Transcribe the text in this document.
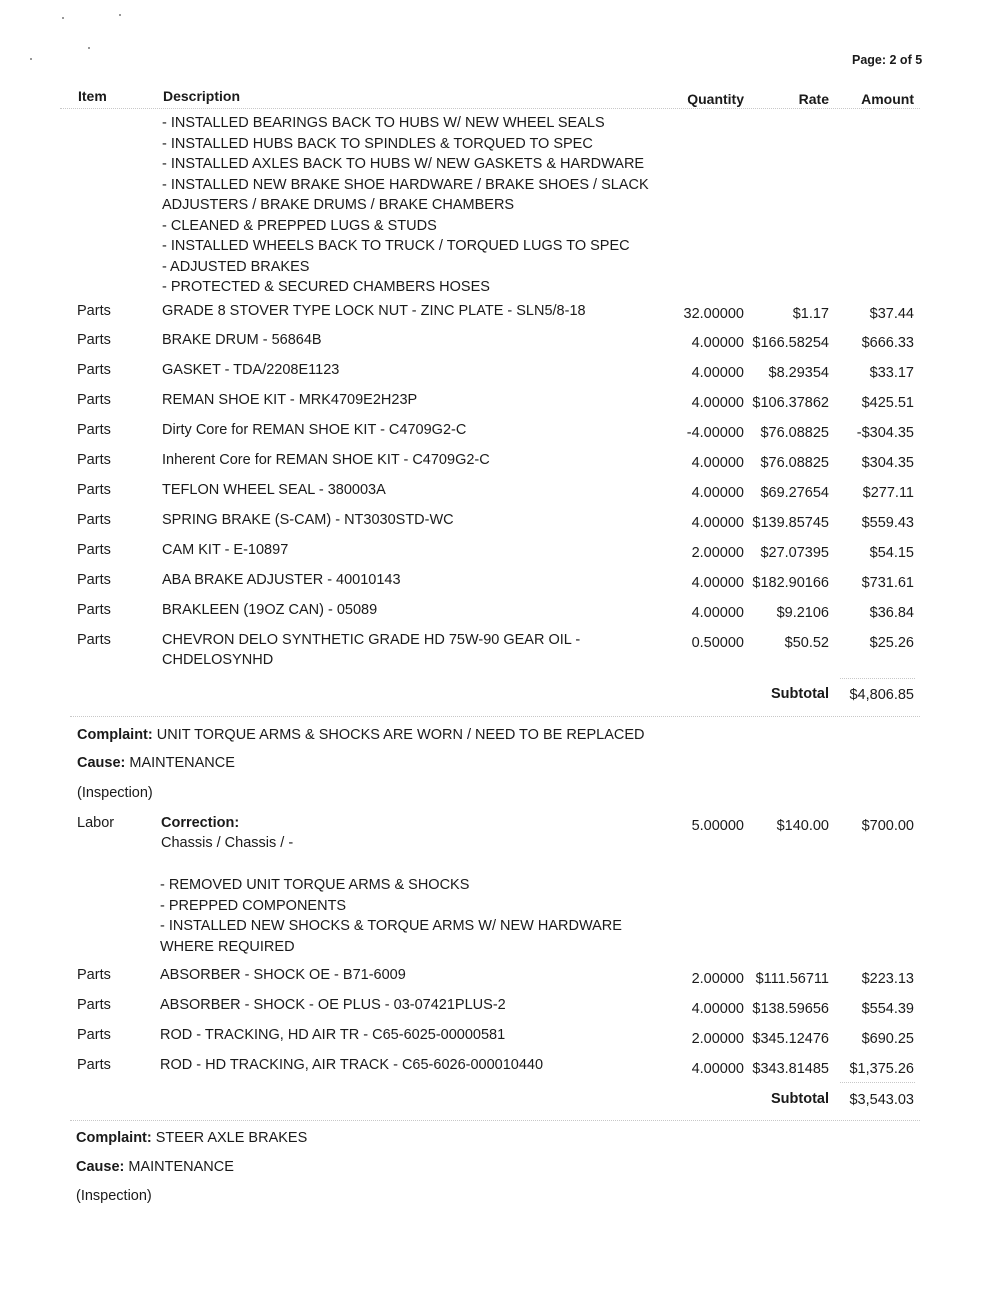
Page: 2 of 5
Item	Description	Quantity	Rate	Amount
- INSTALLED BEARINGS BACK TO HUBS W/ NEW WHEEL SEALS
- INSTALLED HUBS BACK TO SPINDLES & TORQUED TO SPEC
- INSTALLED AXLES BACK TO HUBS W/ NEW GASKETS & HARDWARE
- INSTALLED NEW BRAKE SHOE HARDWARE / BRAKE SHOES / SLACK
ADJUSTERS / BRAKE DRUMS / BRAKE CHAMBERS
- CLEANED & PREPPED LUGS & STUDS
- INSTALLED WHEELS BACK TO TRUCK / TORQUED LUGS TO SPEC
- ADJUSTED BRAKES
- PROTECTED & SECURED CHAMBERS HOSES
Parts	GRADE 8 STOVER TYPE LOCK NUT - ZINC PLATE - SLN5/8-18	32.00000	$1.17	$37.44
Parts	BRAKE DRUM - 56864B	4.00000 $166.58254	$666.33
Parts	GASKET - TDA/2208E1123	4.00000	$8.29354	$33.17
Parts	REMAN SHOE KIT - MRK4709E2H23P	4.00000 $106.37862	$425.51
Parts	Dirty Core for REMAN SHOE KIT - C4709G2-C	-4.00000	$76.08825	-$304.35
Parts	Inherent Core for REMAN SHOE KIT - C4709G2-C	4.00000	$76.08825	$304.35
Parts	TEFLON WHEEL SEAL - 380003A	4.00000	$69.27654	$277.11
Parts	SPRING BRAKE (S-CAM) - NT3030STD-WC	4.00000 $139.85745	$559.43
Parts	CAM KIT - E-10897	2.00000	$27.07395	$54.15
Parts	ABA BRAKE ADJUSTER - 40010143	4.00000 $182.90166	$731.61
Parts	BRAKLEEN (19OZ CAN) - 05089	4.00000	$9.2106	$36.84
Parts	CHEVRON DELO SYNTHETIC GRADE HD 75W-90 GEAR OIL -
CHDELOSYNHD
0.50000	$50.52	$25.26
Subtotal	$4,806.85
Complaint: UNIT TORQUE ARMS & SHOCKS ARE WORN / NEED TO BE REPLACED
Cause: MAINTENANCE
(Inspection)
Labor	Correction:
Chassis / Chassis / -
5.00000	$140.00	$700.00
- REMOVED UNIT TORQUE ARMS & SHOCKS
- PREPPED COMPONENTS
- INSTALLED NEW SHOCKS & TORQUE ARMS W/ NEW HARDWARE
WHERE REQUIRED
Parts	ABSORBER - SHOCK OE - B71-6009	2.00000 $111.56711	$223.13
Parts	ABSORBER - SHOCK - OE PLUS - 03-07421PLUS-2	4.00000 $138.59656	$554.39
Parts	ROD - TRACKING, HD AIR TR - C65-6025-00000581	2.00000 $345.12476	$690.25
Parts	ROD - HD TRACKING, AIR TRACK - C65-6026-000010440	4.00000 $343.81485	$1,375.26
Subtotal	$3,543.03
Complaint: STEER AXLE BRAKES
Cause: MAINTENANCE
(Inspection)
